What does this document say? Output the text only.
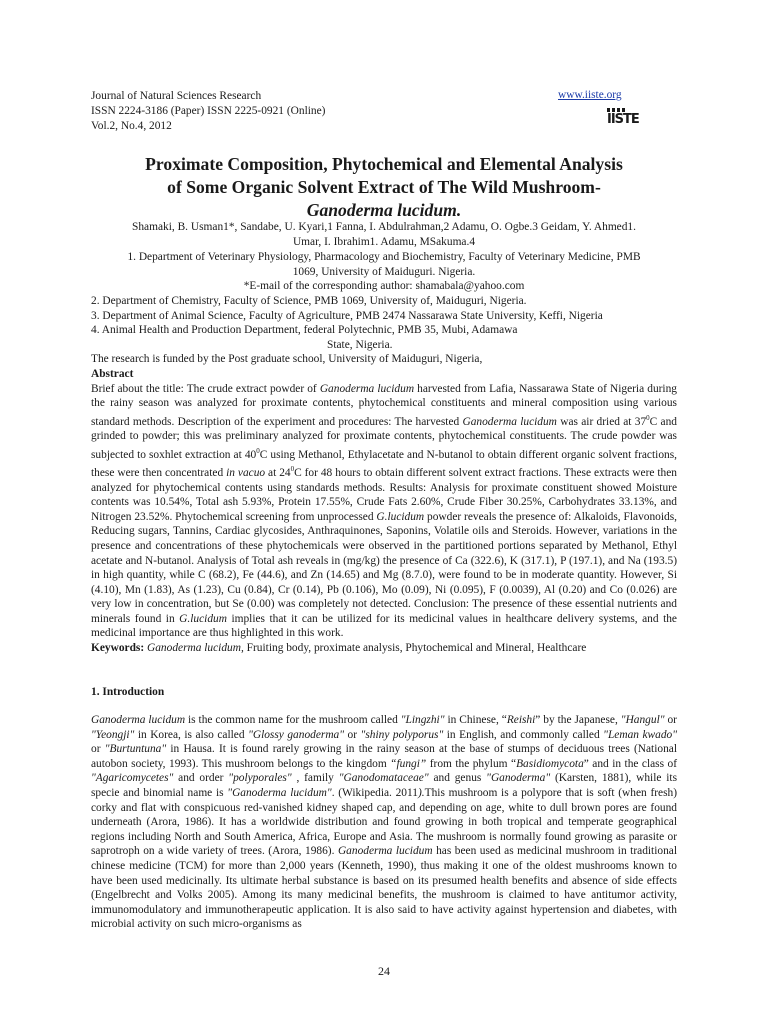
Journal of Natural Sciences Research
ISSN 2224-3186 (Paper) ISSN 2225-0921 (Online)
Vol.2, No.4, 2012
www.iiste.org
IISTE
Proximate Composition, Phytochemical and Elemental Analysis
of Some Organic Solvent Extract of The Wild Mushroom-
Ganoderma lucidum.
Shamaki, B. Usman1*, Sandabe, U. Kyari,1 Fanna, I. Abdulrahman,2 Adamu, O. Ogbe.3 Geidam, Y. Ahmed1.
Umar, I. Ibrahim1. Adamu, MSakuma.4
1. Department of Veterinary Physiology, Pharmacology and Biochemistry, Faculty of Veterinary Medicine, PMB
1069, University of Maiduguri. Nigeria.
*E-mail of the corresponding author: shamabala@yahoo.com
2. Department of Chemistry, Faculty of Science, PMB 1069, University of, Maiduguri, Nigeria.
3. Department of Animal Science, Faculty of Agriculture, PMB 2474 Nassarawa State University, Keffi, Nigeria
4. Animal Health and Production Department, federal Polytechnic, PMB 35, Mubi, Adamawa
State, Nigeria.
The research is funded by the Post graduate school, University of Maiduguri, Nigeria,
Abstract
Brief about the title: The crude extract powder of Ganoderma lucidum harvested from Lafia, Nassarawa State of Nigeria during the rainy season was analyzed for proximate contents, phytochemical constituents and mineral composition using various standard methods. Description of the experiment and procedures: The harvested Ganoderma lucidum was air dried at $37^0C$ and grinded to powder; this was preliminary analyzed for proximate contents, phytochemical constituents. The crude powder was subjected to soxhlet extraction at $40^0C$ using Methanol, Ethylacetate and N-butanol to obtain different organic solvent fractions, these were then concentrated in vacuo at $24^0C$ for 48 hours to obtain different solvent extract fractions. These extracts were then analyzed for phytochemical contents using standards methods. Results: Analysis for proximate constituent showed Moisture contents was 10.54%, Total ash 5.93%, Protein 17.55%, Crude Fats 2.60%, Crude Fiber 30.25%, Carbohydrates 33.13%, and Nitrogen 23.52%. Phytochemical screening from unprocessed G.lucidum powder reveals the presence of: Alkaloids, Flavonoids, Reducing sugars, Tannins, Cardiac glycosides, Anthraquinones, Saponins, Volatile oils and Steroids. However, variations in the presence and concentrations of these phytochemicals were observed in the partitioned portions separated by Methanol, Ethyl acetate and N-butanol. Analysis of Total ash reveals in (mg/kg) the presence of Ca (322.6), K (317.1), P (197.1), and Na (193.5) in high quantity, while C (68.2), Fe (44.6), and Zn (14.65) and Mg (8.7.0), were found to be in moderate quantity. However, Si (4.10), Mn (1.83), As (1.23), Cu (0.84), Cr (0.14), Pb (0.106), Mo (0.09), Ni (0.095), F (0.0039), Al (0.20) and Co (0.026) are very low in concentration, but Se (0.00) was completely not detected. Conclusion: The presence of these essential nutrients and minerals found in G.lucidum implies that it can be utilized for its medicinal values in healthcare delivery systems, and the medicinal importance are thus highlighted in this work.
Keywords: Ganoderma lucidum, Fruiting body, proximate analysis, Phytochemical and Mineral, Healthcare
1. Introduction
Ganoderma lucidum is the common name for the mushroom called "Lingzhi" in Chinese, “Reishi” by the Japanese, "Hangul" or "Yeongji" in Korea, is also called "Glossy ganoderma" or "shiny polyporus" in English, and commonly called "Leman kwado" or "Burtuntuna" in Hausa. It is found rarely growing in the rainy season at the base of stumps of deciduous trees (National autobon society, 1993). This mushroom belongs to the kingdom “fungi” from the phylum “Basidiomycota” and in the class of "Agaricomycetes" and order "polyporales" , family "Ganodomataceae" and genus "Ganoderma" (Karsten, 1881), while its specie and binomial name is "Ganoderma lucidum". (Wikipedia. 2011).This mushroom is a polypore that is soft (when fresh) corky and flat with conspicuous red-vanished kidney shaped cap, and depending on age, white to dull brown pores are found underneath (Arora, 1986). It has a worldwide distribution and found growing in both tropical and temperate geographical regions including North and South America, Africa, Europe and Asia. The mushroom is normally found growing as parasite or saprotroph on a wide variety of trees. (Arora, 1986). Ganoderma lucidum has been used as medicinal mushroom in traditional chinese medicine (TCM) for more than 2,000 years (Kenneth, 1990), thus making it one of the oldest mushrooms known to have been used medicinally. Its ultimate herbal substance is based on its presumed health benefits and absence of side effects (Engelbrecht and Volks 2005). Among its many medicinal benefits, the mushroom is claimed to have antitumor activity, immunomodulatory and immunotherapeutic application. It is also said to have activity against hypertension and diabetes, with microbial activity on such micro-organisms as
24
